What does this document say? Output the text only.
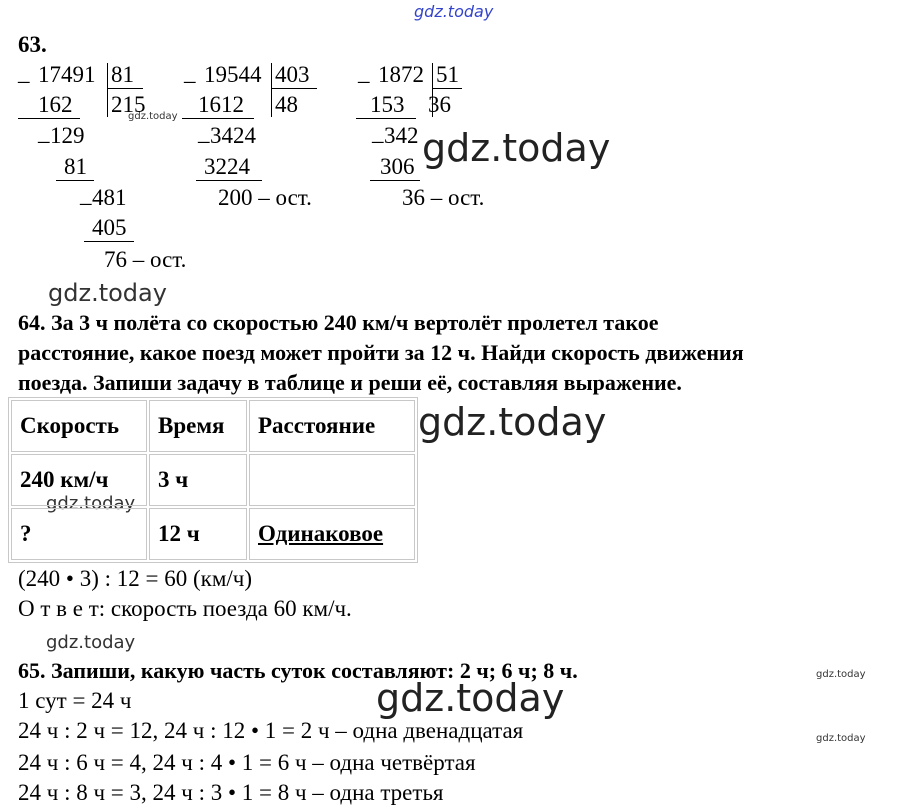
gdz.today
gdz.today
gdz.today
gdz.today
gdz.today
gdz.today
gdz.today
gdz.today
gdz.today
gdz.today
63.
_ 17491 81
162 215
_ 129
81
_ 481
405
76 – ост.
_ 19544 403
1612 48
_ 3424
3224
200 – ост.
_ 1872 51
153 36
_ 342
306
36 – ост.
64. За 3 ч полёта со скоростью 240 км/ч вертолёт пролетел такое
расстояние, какое поезд может пройти за 12 ч. Найди скорость движения
поезда. Запиши задачу в таблице и реши её, составляя выражение.
Скорость	Время	Расстояние
240 км/ч	3 ч	
?	12 ч	Одинаковое
(240 • 3) : 12 = 60 (км/ч)
О т в е т: скорость поезда 60 км/ч.
65. Запиши, какую часть суток составляют: 2 ч; 6 ч; 8 ч.
1 сут = 24 ч
24 ч : 2 ч = 12, 24 ч : 12 • 1 = 2 ч – одна двенадцатая
24 ч : 6 ч = 4, 24 ч : 4 • 1 = 6 ч – одна четвёртая
24 ч : 8 ч = 3, 24 ч : 3 • 1 = 8 ч – одна третья
